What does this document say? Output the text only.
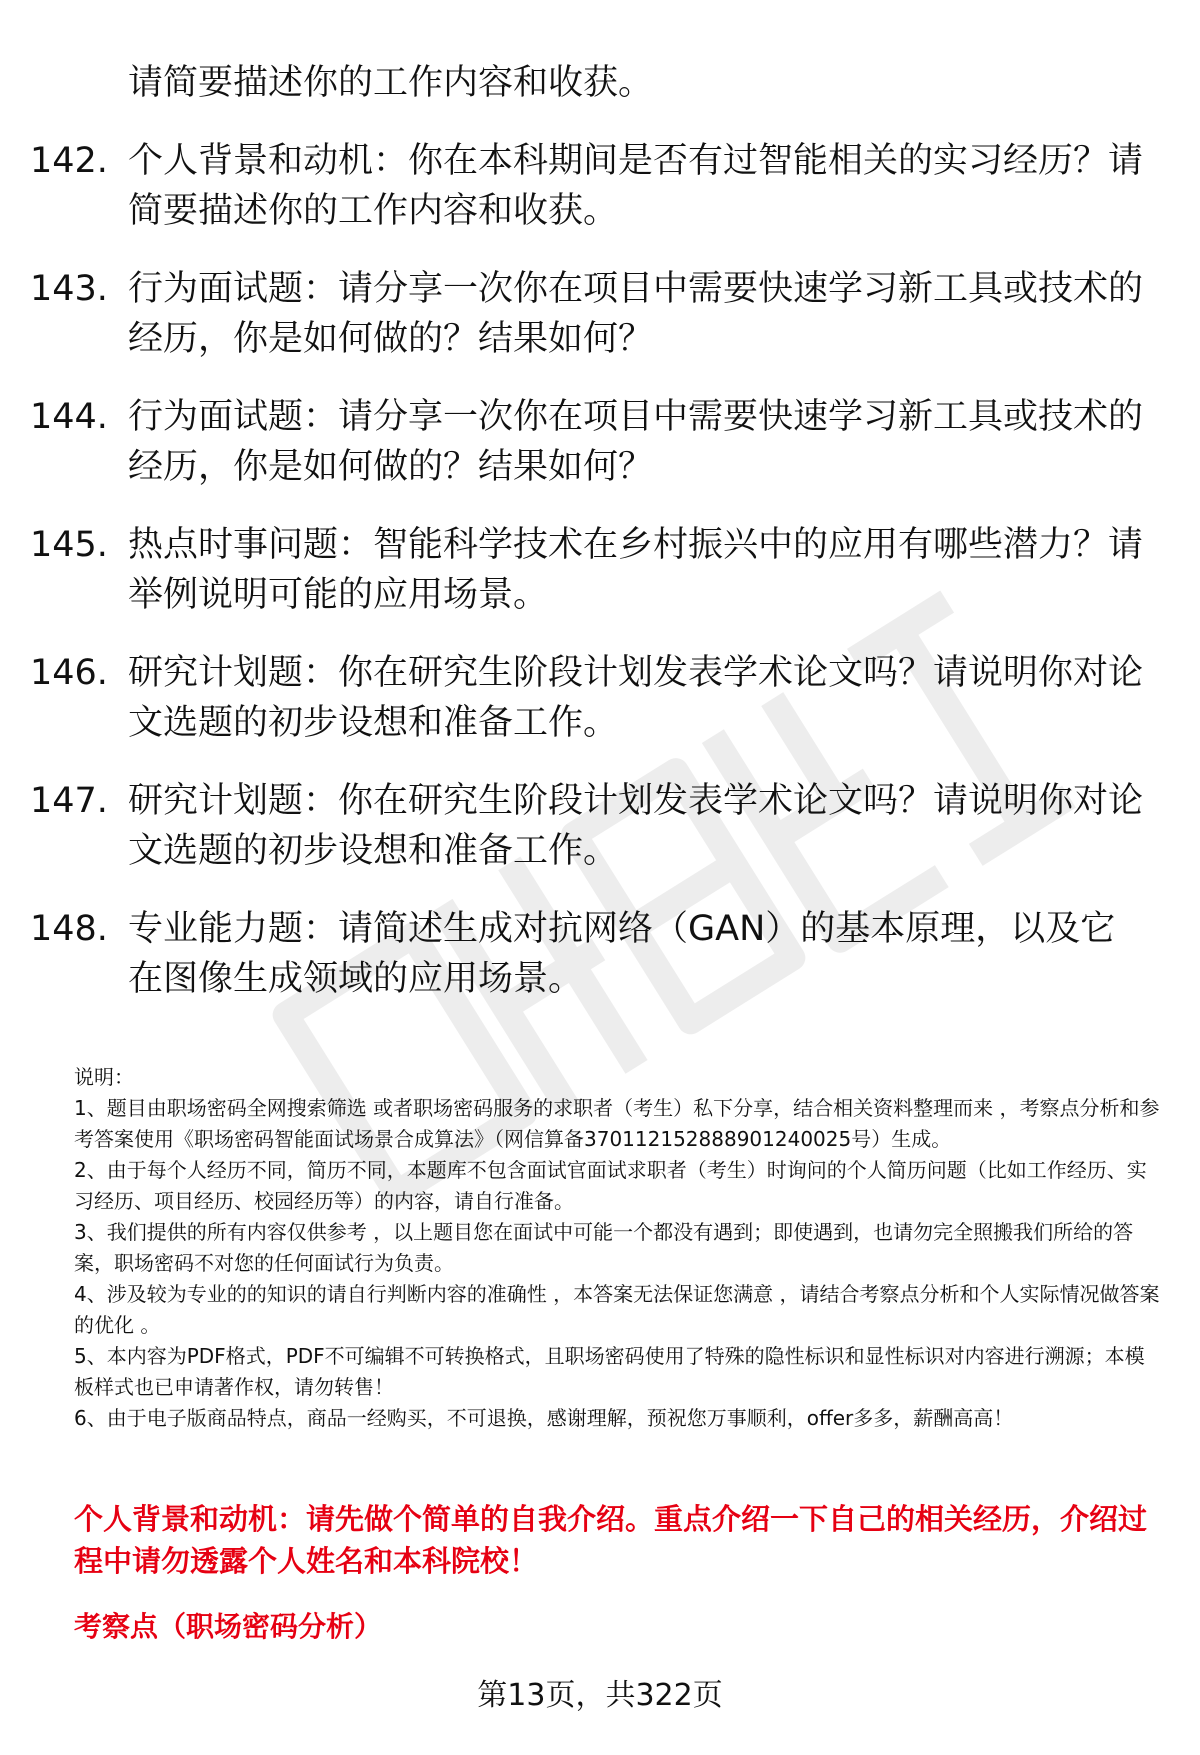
请简要描述你的工作内容和收获。
142. 个人背景和动机：你在本科期间是否有过智能相关的实习经历？请简要描述你的工作内容和收获。
143. 行为面试题：请分享一次你在项目中需要快速学习新工具或技术的经历，你是如何做的？结果如何？
144. 行为面试题：请分享一次你在项目中需要快速学习新工具或技术的经历，你是如何做的？结果如何？
145. 热点时事问题：智能科学技术在乡村振兴中的应用有哪些潜力？请举例说明可能的应用场景。
146. 研究计划题：你在研究生阶段计划发表学术论文吗？请说明你对论文选题的初步设想和准备工作。
147. 研究计划题：你在研究生阶段计划发表学术论文吗？请说明你对论文选题的初步设想和准备工作。
148. 专业能力题：请简述生成对抗网络（GAN）的基本原理，以及它在图像生成领域的应用场景。

说明：

1、题目由职场密码全网搜索筛选 或者职场密码服务的求职者（考生）私下分享，结合相关资料整理而来 ，考察点分析和参考答案使用《职场密码智能面试场景合成算法》（网信算备370112152888901240025号）生成。

2、由于每个人经历不同，简历不同，本题库不包含面试官面试求职者（考生）时询问的个人简历问题（比如工作经历、实习经历、项目经历、校园经历等）的内容，请自行准备。

3、我们提供的所有内容仅供参考 ，以上题目您在面试中可能一个都没有遇到；即使遇到，也请勿完全照搬我们所给的答案，职场密码不对您的任何面试行为负责。

4、涉及较为专业的的知识的请自行判断内容的准确性 ，本答案无法保证您满意 ，请结合考察点分析和个人实际情况做答案的优化 。

5、本内容为PDF格式，PDF不可编辑不可转换格式，且职场密码使用了特殊的隐性标识和显性标识对内容进行溯源；本模板样式也已申请著作权，请勿转售！

6、由于电子版商品特点，商品一经购买，不可退换，感谢理解，预祝您万事顺利，offer多多，薪酬高高！

个人背景和动机：请先做个简单的自我介绍。重点介绍一下自己的相关经历，介绍过程中请勿透露个人姓名和本科院校！
考察点（职场密码分析）
第13页，共322页
